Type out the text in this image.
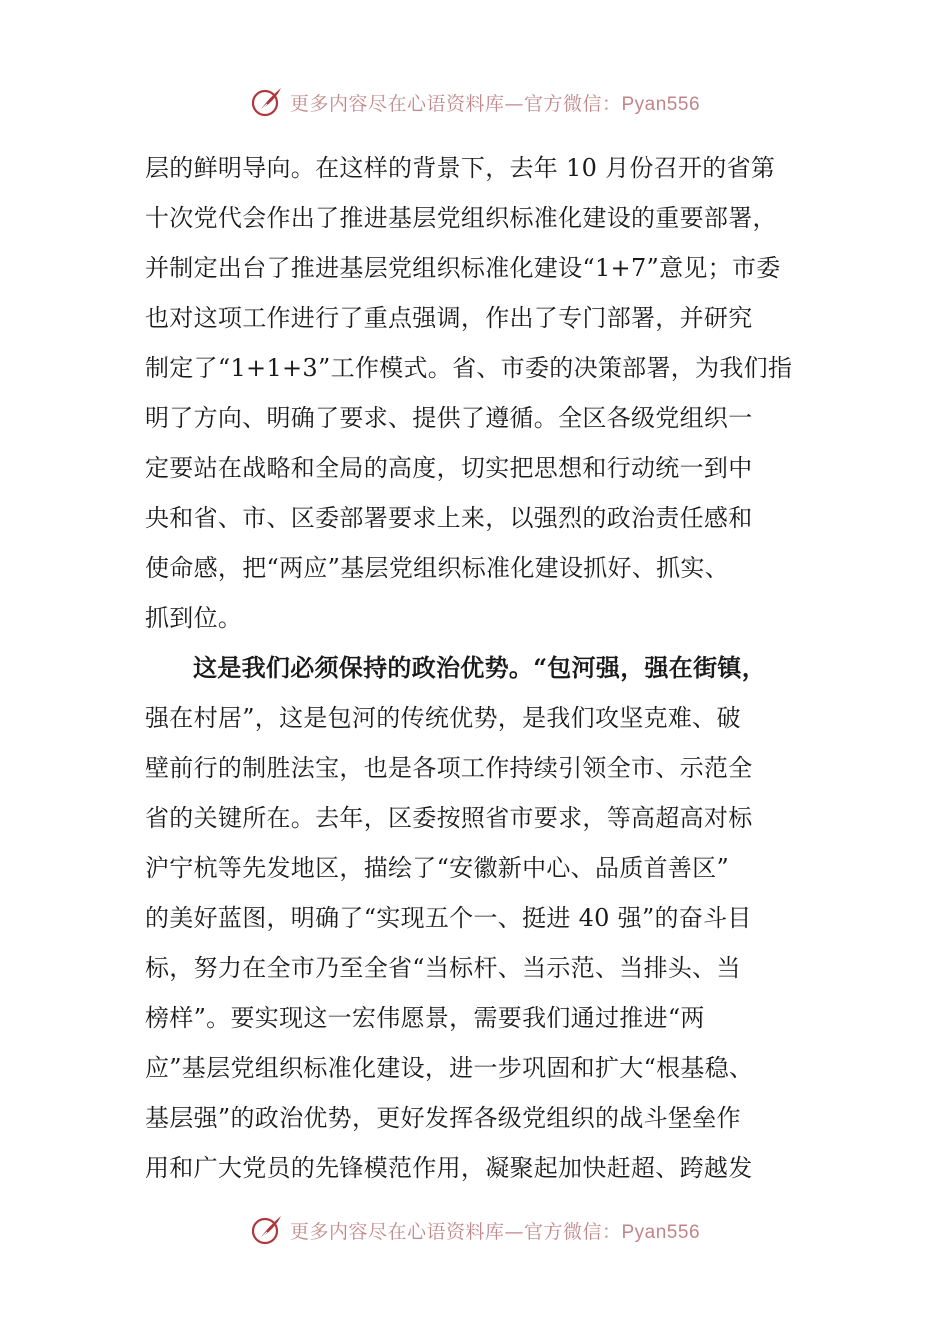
更多内容尽在心语资料库—官方微信：Pyan556
层的鲜明导向。在这样的背景下，去年 10 月份召开的省第
十次党代会作出了推进基层党组织标准化建设的重要部署，
并制定出台了推进基层党组织标准化建设“1+7”意见；市委
也对这项工作进行了重点强调，作出了专门部署，并研究
制定了“1+1+3”工作模式。省、市委的决策部署，为我们指
明了方向、明确了要求、提供了遵循。全区各级党组织一
定要站在战略和全局的高度，切实把思想和行动统一到中
央和省、市、区委部署要求上来，以强烈的政治责任感和
使命感，把“两应”基层党组织标准化建设抓好、抓实、
抓到位。
这是我们必须保持的政治优势。“包河强，强在街镇，
强在村居”，这是包河的传统优势，是我们攻坚克难、破
壁前行的制胜法宝，也是各项工作持续引领全市、示范全
省的关键所在。去年，区委按照省市要求，等高超高对标
沪宁杭等先发地区，描绘了“安徽新中心、品质首善区”
的美好蓝图，明确了“实现五个一、挺进 40 强”的奋斗目
标，努力在全市乃至全省“当标杆、当示范、当排头、当
榜样”。要实现这一宏伟愿景，需要我们通过推进“两
应”基层党组织标准化建设，进一步巩固和扩大“根基稳、
基层强”的政治优势，更好发挥各级党组织的战斗堡垒作
用和广大党员的先锋模范作用，凝聚起加快赶超、跨越发
更多内容尽在心语资料库—官方微信：Pyan556
